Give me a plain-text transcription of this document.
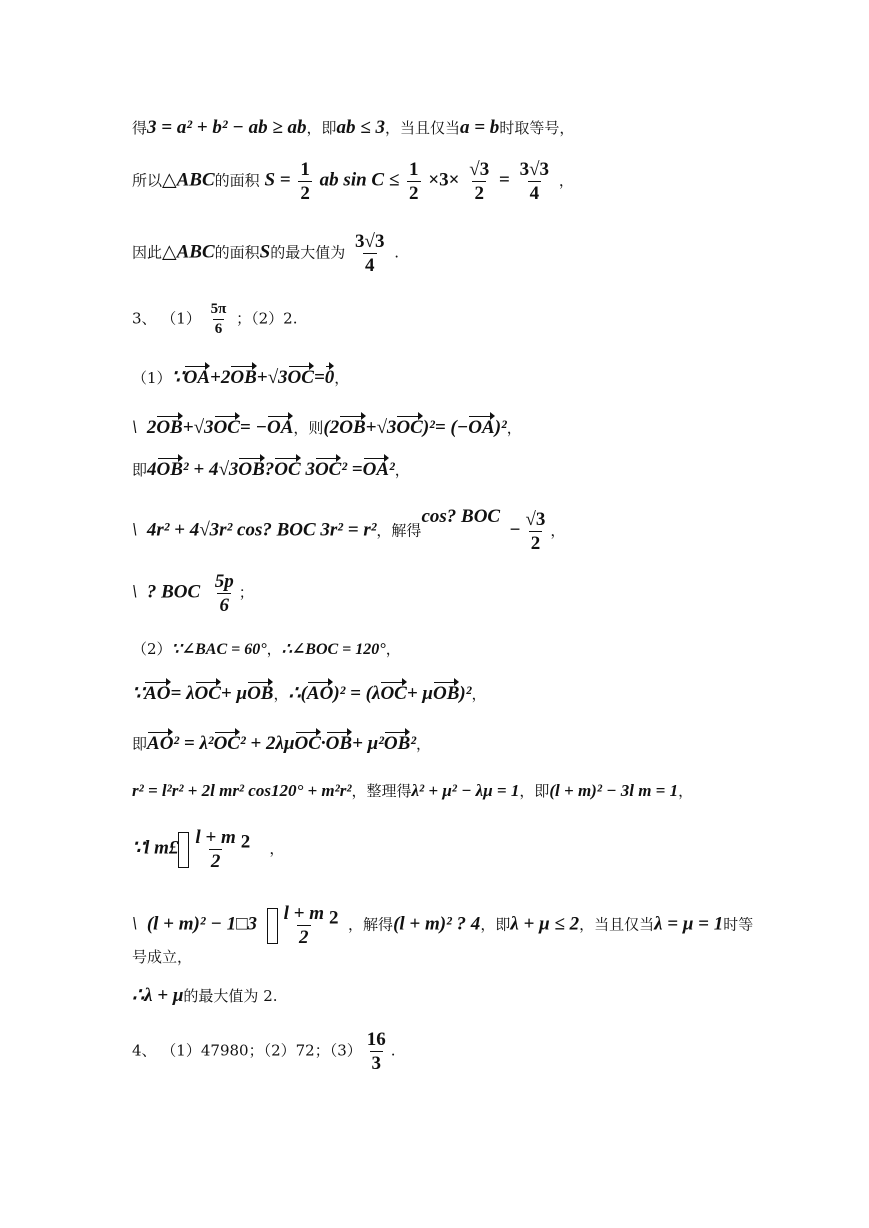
得3 = a² + b² − ab ≥ ab，即ab ≤ 3，当且仅当a = b时取等号，
所以△ABC的面积 $S = \frac{1}{2}$ ab $\sin C \le \frac{1}{2} \times 3\times \frac{√3}{2} = \frac{3√3}{4}$ ，
因此△ABC的面积S的最大值为 $\frac{3√3}{4}$ .
3、 $(1) \frac{5\pi}{6}$ ；（2）2.
（1）∵OA+2OB+√3OC=0，
\ 2OB+√3OC= −OA，则(2OB+√3OC)²= (−OA)²，
即4OB² + 4√3OB?OC 3OC² =OA²，
\ 4r² + 4√3r² cos? BOC 3r² = r²，解得cos? BOC  − $\frac{√3}{2}$ ，
\ ? BOC $\frac{5p}{6}$ ；
（2）∵∠BAC = 60°，∴∠BOC = 120°，
∵AO= λOC+ μOB，∴(AO)² = (λOC+ μOB)²，
即AO² = λ²OC² + 2λμOC·OB+ μ²OB²，
r² = l²r² + 2l mr² cos120° + m²r²，整理得λ² + μ² − λμ = 1，即(l + m)² − 3l m = 1，
∵l m£ $\frac{l + m}{2} ^2$ ，
\ (l + m)² − 1□3 $\frac{l + m}{2} ^2$ ，解得(l + m)² ? 4，即λ + μ ≤ 2，当且仅当λ = μ = 1时等
号成立，
∴λ + μ的最大值为 2.
4、 （1）47980；（2）72；$(3) \frac{16}{3}$ .
